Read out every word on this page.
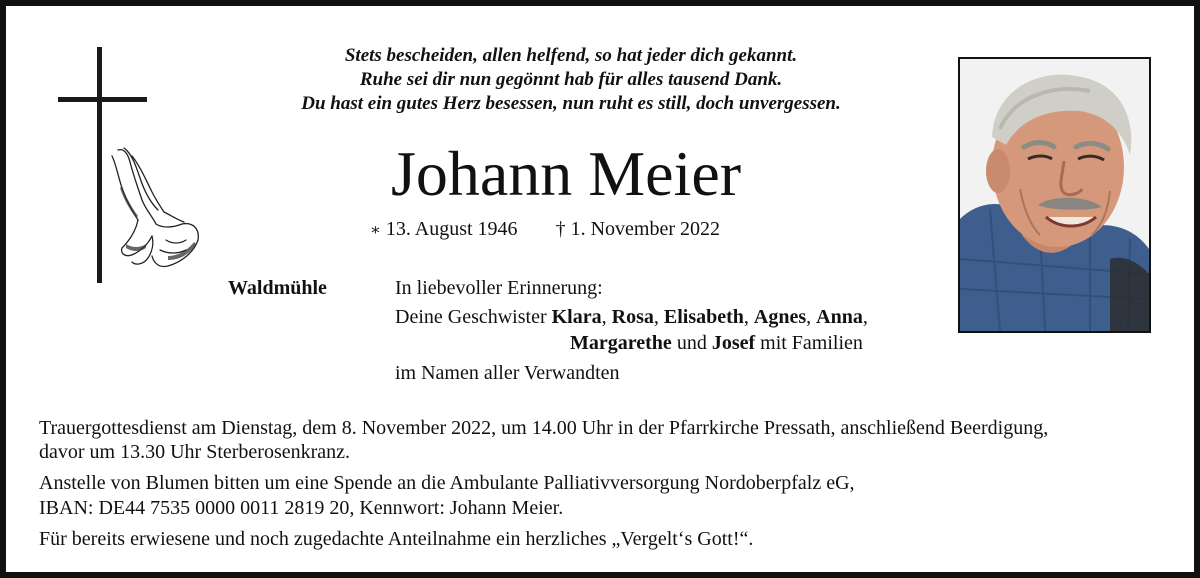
Stets bescheiden, allen helfend, so hat jeder dich gekannt.
Ruhe sei dir nun gegönnt hab für alles tausend Dank.
Du hast ein gutes Herz besessen, nun ruht es still, doch unvergessen.
Johann Meier
∗ 13. August 1946 † 1. November 2022
Waldmühle	In liebevoller Erinnerung:
Deine Geschwister Klara, Rosa, Elisabeth, Agnes, Anna,
Margarethe und Josef mit Familien
im Namen aller Verwandten
Trauergottesdienst am Dienstag, dem 8. November 2022, um 14.00 Uhr in der Pfarrkirche Pressath, anschließend Beerdigung,
davor um 13.30 Uhr Sterberosenkranz.
Anstelle von Blumen bitten um eine Spende an die Ambulante Palliativversorgung Nordoberpfalz eG,
IBAN: DE44 7535 0000 0011 2819 20, Kennwort: Johann Meier.
Für bereits erwiesene und noch zugedachte Anteilnahme ein herzliches „Vergelt‘s Gott!“.
